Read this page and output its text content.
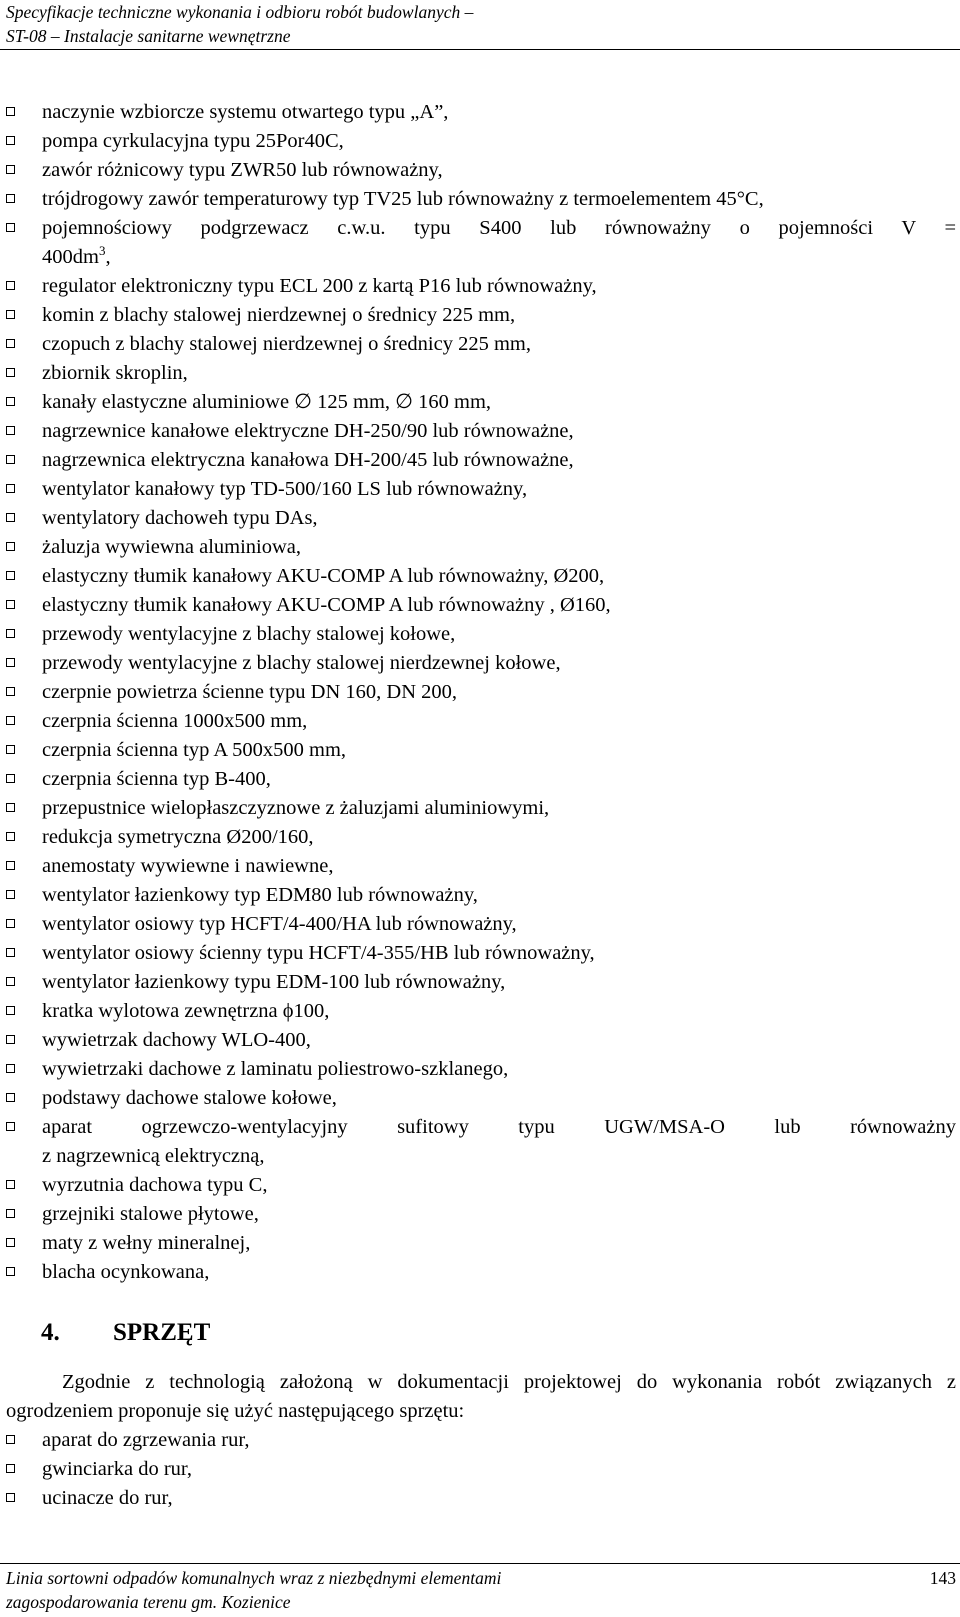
Specyfikacje techniczne wykonania i odbioru robót budowlanych –
ST-08 – Instalacje sanitarne wewnętrzne
naczynie wzbiorcze systemu otwartego typu „A”,
pompa cyrkulacyjna typu 25Por40C,
zawór różnicowy typu ZWR50 lub równoważny,
trójdrogowy zawór temperaturowy typ TV25 lub równoważny z termoelementem 45°C,
pojemnościowy podgrzewacz c.w.u. typu S400 lub równoważny o pojemności V =
$400dm^3$,
regulator elektroniczny typu ECL 200 z kartą P16 lub równoważny,
komin z blachy stalowej nierdzewnej o średnicy 225 mm,
czopuch z blachy stalowej nierdzewnej o średnicy 225 mm,
zbiornik skroplin,
kanały elastyczne aluminiowe ∅ 125 mm, ∅ 160 mm,
nagrzewnice kanałowe elektryczne DH-250/90 lub równoważne,
nagrzewnica elektryczna kanałowa DH-200/45 lub równoważne,
wentylator kanałowy typ TD-500/160 LS lub równoważny,
wentylatory dachoweh typu DAs,
żaluzja wywiewna aluminiowa,
elastyczny tłumik kanałowy AKU-COMP A lub równoważny, Ø200,
elastyczny tłumik kanałowy AKU-COMP A lub równoważny , Ø160,
przewody wentylacyjne z blachy stalowej kołowe,
przewody wentylacyjne z blachy stalowej nierdzewnej kołowe,
czerpnie powietrza ścienne typu DN 160, DN 200,
czerpnia ścienna 1000x500 mm,
czerpnia ścienna typ A 500x500 mm,
czerpnia ścienna typ B-400,
przepustnice wielopłaszczyznowe z żaluzjami aluminiowymi,
redukcja symetryczna Ø200/160,
anemostaty wywiewne i nawiewne,
wentylator łazienkowy typ EDM80 lub równoważny,
wentylator osiowy typ HCFT/4-400/HA lub równoważny,
wentylator osiowy ścienny typu HCFT/4-355/HB lub równoważny,
wentylator łazienkowy typu EDM-100 lub równoważny,
kratka wylotowa zewnętrzna ϕ100,
wywietrzak dachowy WLO-400,
wywietrzaki dachowe z laminatu poliestrowo-szklanego,
podstawy dachowe stalowe kołowe,
aparat ogrzewczo-wentylacyjny sufitowy typu UGW/MSA-O lub równoważny
z nagrzewnicą elektryczną,
wyrzutnia dachowa typu C,
grzejniki stalowe płytowe,
maty z wełny mineralnej,
blacha ocynkowana,
4. SPRZĘT

Zgodnie z technologią założoną w dokumentacji projektowej do wykonania robót związanych z ogrodzeniem proponuje się użyć następującego sprzętu:

aparat do zgrzewania rur,
gwinciarka do rur,
ucinacze do rur,
Linia sortowni odpadów komunalnych wraz z niezbędnymi elementami
zagospodarowania terenu gm. Kozienice
143
